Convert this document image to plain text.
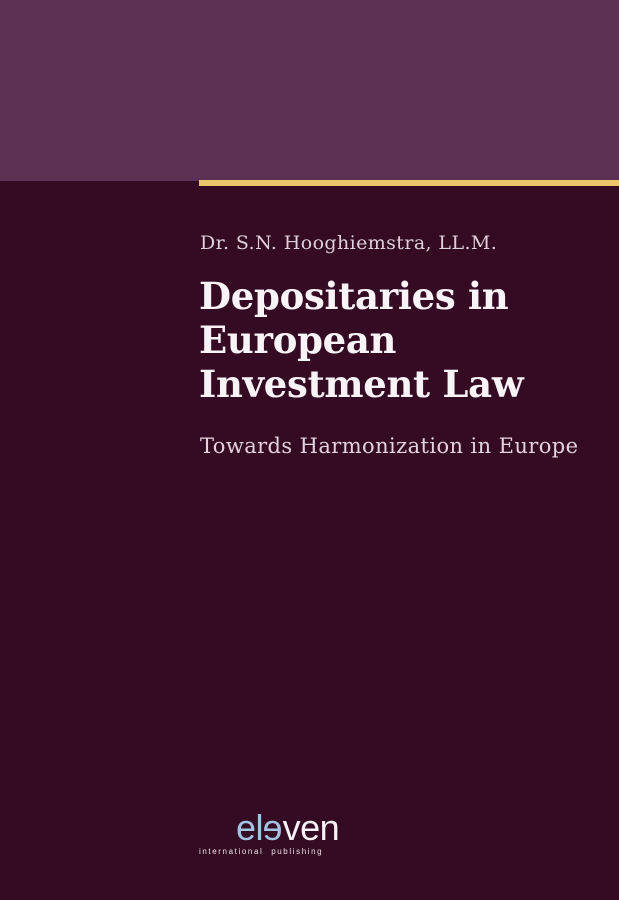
Dr. S.N. Hooghiemstra, LL.M.
Depositaries in
European
Investment Law
Towards Harmonization in Europe
eleven
international publishing
